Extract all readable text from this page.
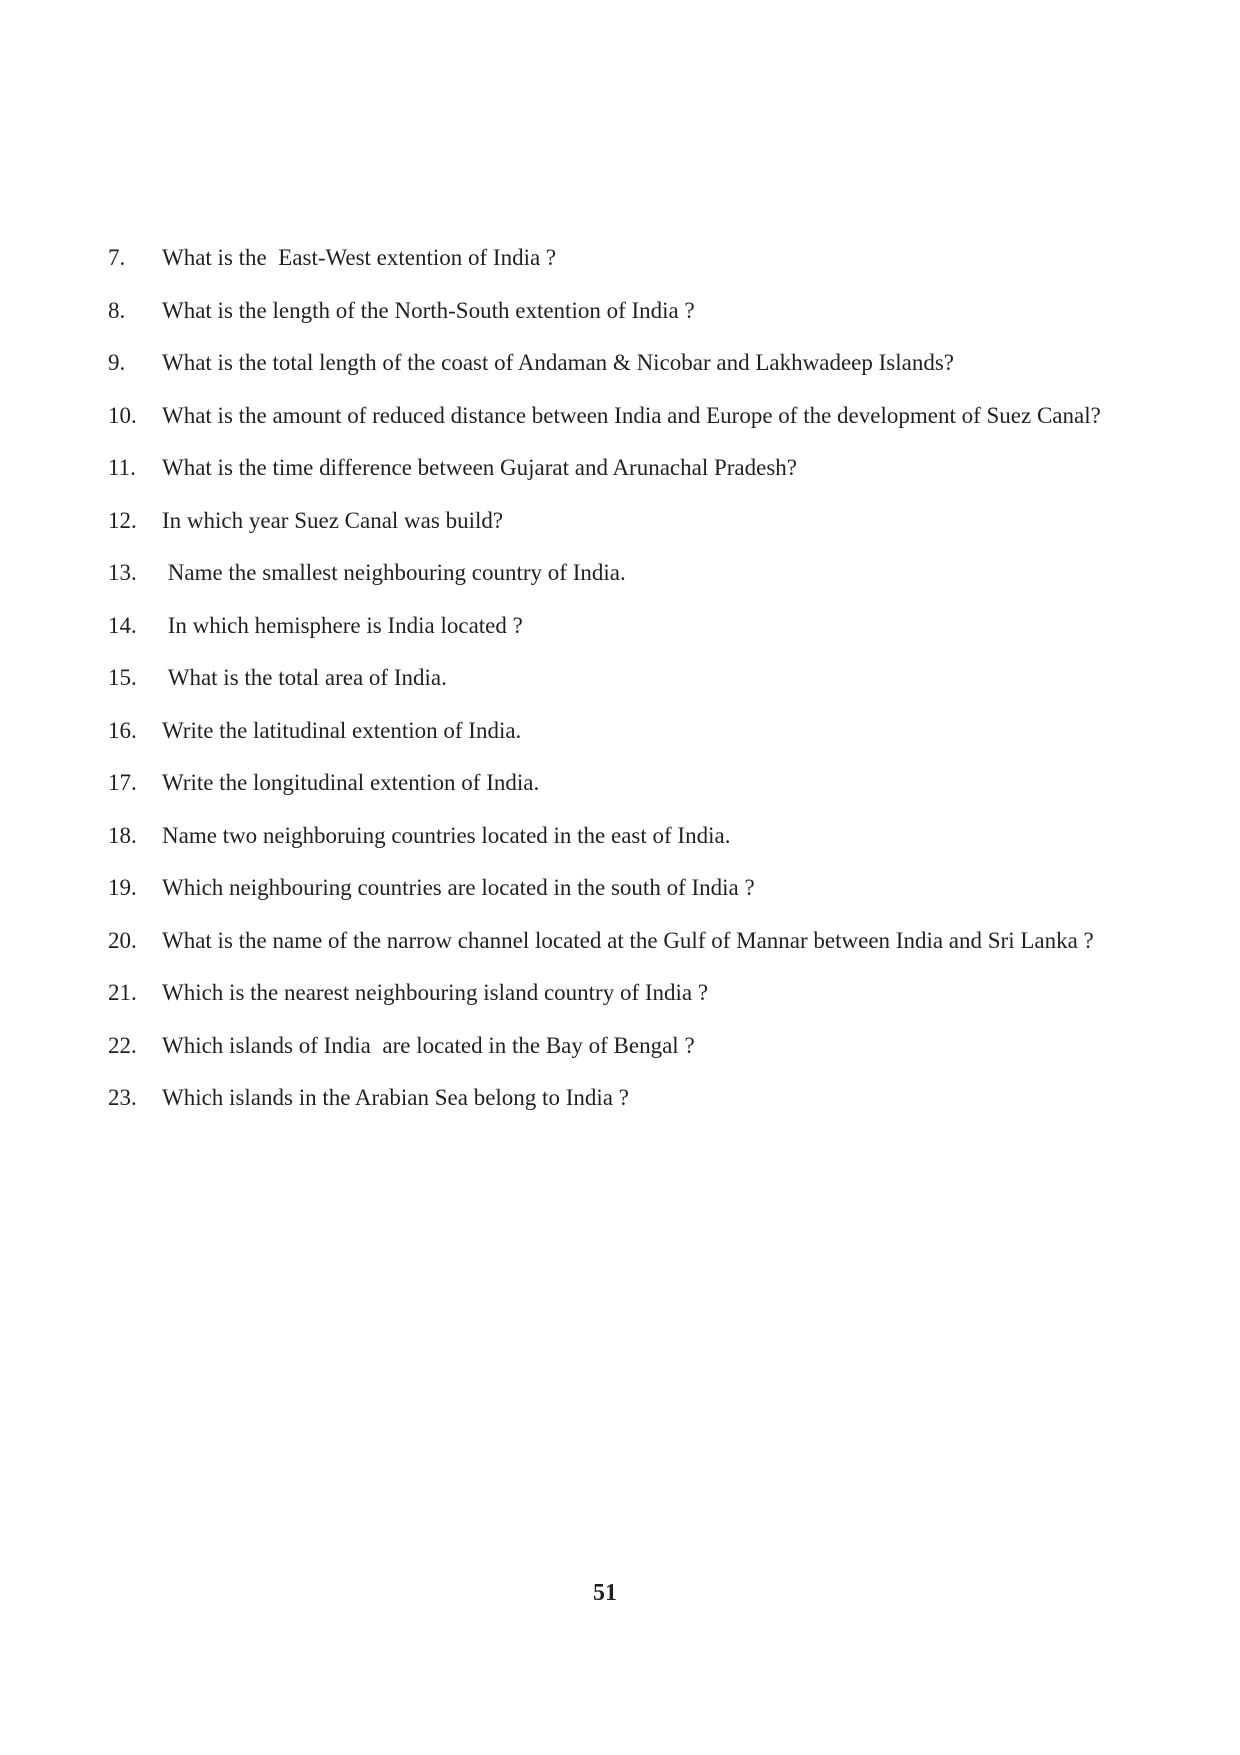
7.	What is the  East-West extention of India ?
8.	What is the length of the North-South extention of India ?
9.	What is the total length of the coast of Andaman & Nicobar and Lakhwadeep Islands?
10.	What is the amount of reduced distance between India and Europe of the development of Suez Canal?
11.	What is the time difference between Gujarat and Arunachal Pradesh?
12.	In which year Suez Canal was build?
13.	Name the smallest neighbouring country of India.
14.	In which hemisphere is India located ?
15.	What is the total area of India.
16.	Write the latitudinal extention of India.
17.	Write the longitudinal extention of India.
18.	Name two neighboruing countries located in the east of India.
19.	Which neighbouring countries are located in the south of India ?
20.	What is the name of the narrow channel located at the Gulf of Mannar between India and Sri Lanka ?
21.	Which is the nearest neighbouring island country of India ?
22.	Which islands of India  are located in the Bay of Bengal ?
23.	Which islands in the Arabian Sea belong to India ?
51
